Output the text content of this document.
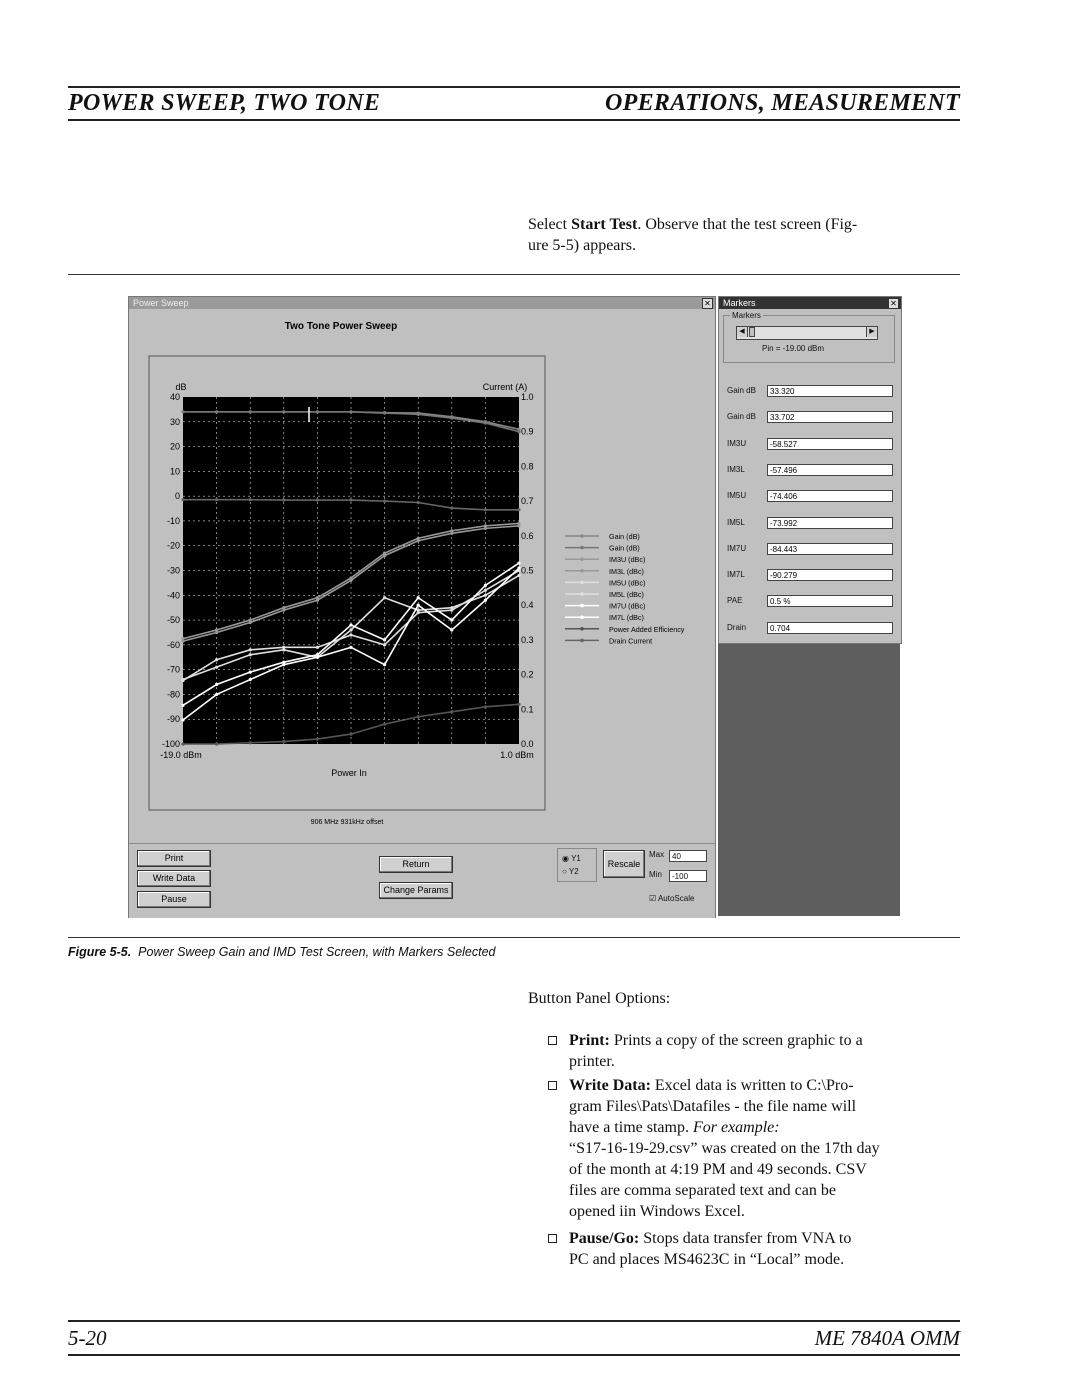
POWER SWEEP, TWO TONE	OPERATIONS, MEASUREMENT
Select Start Test. Observe that the test screen (Fig-
ure 5-5) appears.
Power Sweep	✕
Two Tone Power Sweep
dB	Current (A)
40
30
20
10
0
-10
-20
-30
-40
-50
-60
-70
-80
-90
-100
1.0
0.9
0.8
0.7
0.6
0.5
0.4
0.3
0.2
0.1
0.0
-19.0 dBm	1.0 dBm
Power In
906 MHz 931kHz offset
Gain (dB)
Gain (dB)
IM3U (dBc)
IM3L (dBc)
IM5U (dBc)
IM5L (dBc)
IM7U (dBc)
IM7L (dBc)
Power Added Efficiency
Drain Current
Print
Write Data
Pause
Return
Change Params
◉ Y1
○ Y2
Rescale
Max 40
Min	-100
☑ AutoScale
Markers	✕
Markers
◀	▶
Pin = -19.00 dBm
Gain dB	33.320
Gain dB	33.702
IM3U	-58.527
IM3L	-57.496
IM5U	-74.406
IM5L	-73.992
IM7U	-84.443
IM7L	-90.279
PAE	0.5 %
Drain	0.704
Figure 5-5. Power Sweep Gain and IMD Test Screen, with Markers Selected
Button Panel Options:
Print: Prints a copy of the screen graphic to a
printer.
Write Data: Excel data is written to C:\Pro-
gram Files\Pats\Datafiles - the file name will
have a time stamp. For example:
“S17-16-19-29.csv” was created on the 17th day
of the month at 4:19 PM and 49 seconds. CSV
files are comma separated text and can be
opened iin Windows Excel.
Pause/Go: Stops data transfer from VNA to
PC and places MS4623C in “Local” mode.
5-20	ME 7840A OMM
